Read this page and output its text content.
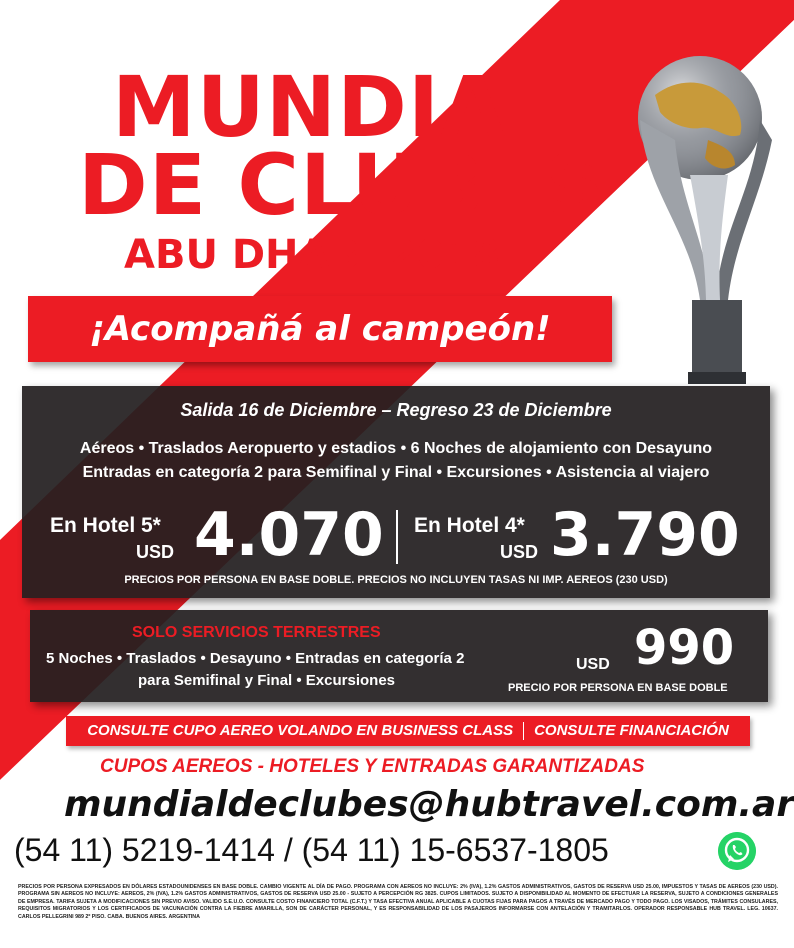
MUNDIAL
DE CLUBES
ABU DHABI 2018
¡Acompañá al campeón!
Salida 16 de Diciembre – Regreso 23 de Diciembre
Aéreos • Traslados Aeropuerto y estadios • 6 Noches de alojamiento con Desayuno
Entradas en categoría 2 para Semifinal y Final • Excursiones • Asistencia al viajero
En Hotel 5*
USD 4.070 En Hotel 4*
USD 3.790
PRECIOS POR PERSONA EN BASE DOBLE. PRECIOS NO INCLUYEN TASAS NI IMP. AEREOS (230 USD)
SOLO SERVICIOS TERRESTRES
5 Noches • Traslados • Desayuno • Entradas en categoría 2
para Semifinal y Final • Excursiones
USD 990
PRECIO POR PERSONA EN BASE DOBLE
CONSULTE CUPO AEREO VOLANDO EN BUSINESS CLASS CONSULTE FINANCIACIÓN
CUPOS AEREOS - HOTELES Y ENTRADAS GARANTIZADAS
mundialdeclubes@hubtravel.com.ar
(54 11) 5219-1414 / (54 11) 15-6537-1805
PRECIOS POR PERSONA EXPRESADOS EN DÓLARES ESTADOUNIDENSES EN BASE DOBLE. CAMBIO VIGENTE AL DÍA DE PAGO. PROGRAMA CON AEREOS NO INCLUYE: 2% (IVA), 1.2% GASTOS ADMINISTRATIVOS, GASTOS DE RESERVA USD 25.00, IMPUESTOS Y TASAS DE AEREOS (230 USD). PROGRAMA SIN AEREOS NO INCLUYE: AEREOS, 2% (IVA), 1.2% GASTOS ADMINISTRATIVOS, GASTOS DE RESERVA USD 25.00 - SUJETO A PERCEPCIÓN RG 3825. CUPOS LIMITADOS. SUJETO A DISPONIBILIDAD AL MOMENTO DE EFECTUAR LA RESERVA, SUJETO A CONDICIONES GENERALES DE EMPRESA. TARIFA SUJETA A MODIFICACIONES SIN PREVIO AVISO. VALIDO S.E.U.O. CONSULTE COSTO FINANCIERO TOTAL (C.F.T.) Y TASA EFECTIVA ANUAL APLICABLE A CUOTAS FIJAS PARA PAGOS A TRAVÉS DE MERCADO PAGO Y TODO PAGO. LOS VISADOS, TRÁMITES CONSULARES, REQUISITOS MIGRATORIOS Y LOS CERTIFICADOS DE VACUNACIÓN CONTRA LA FIEBRE AMARILLA, SON DE CARÁCTER PERSONAL, Y ES RESPONSABILIDAD DE LOS PASAJEROS INFORMARSE CON ANTELACIÓN Y TRAMITARLOS. OPERADOR RESPONSABLE HUB TRAVEL. LEG. 10637. CARLOS PELLEGRINI 989 2º PISO. CABA. BUENOS AIRES. ARGENTINA
